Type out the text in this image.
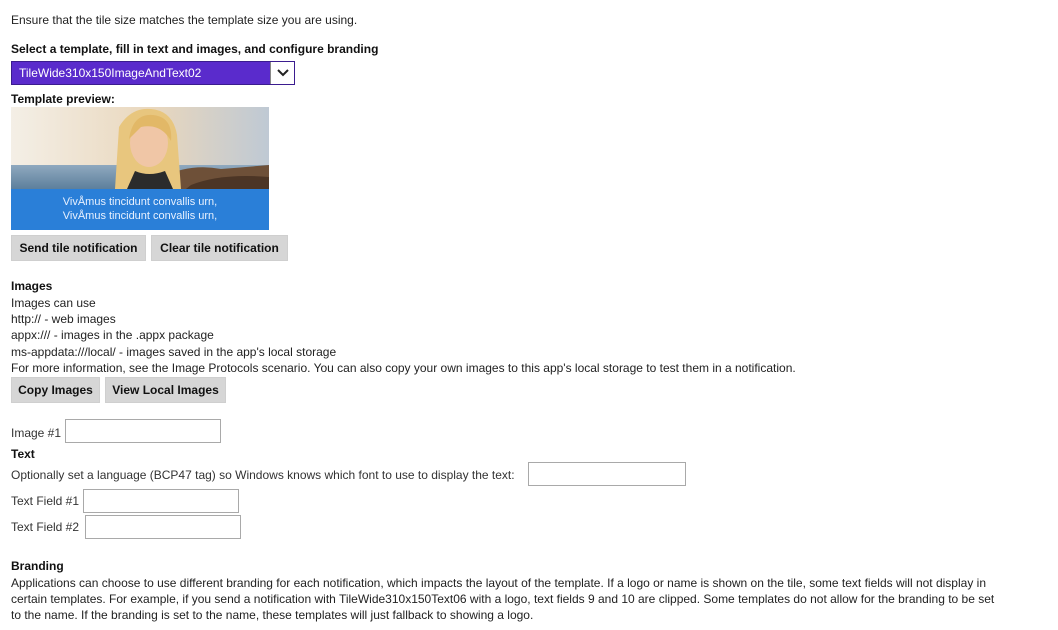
Ensure that the tile size matches the template size you are using.
Select a template, fill in text and images, and configure branding
TileWide310x150ImageAndText02
Template preview:
VivÅmus tincidunt convallis urn,
VivÅmus tincidunt convallis urn,
Send tile notification	Clear tile notification
Images
Images can use
http:// - web images
appx:/// - images in the .appx package
ms-appdata:///local/ - images saved in the app's local storage
For more information, see the Image Protocols scenario. You can also copy your own images to this app's local storage to test them in a notification.
Copy Images	View Local Images
Image #1
Text
Optionally set a language (BCP47 tag) so Windows knows which font to use to display the text:
Text Field #1
Text Field #2
Branding
Applications can choose to use different branding for each notification, which impacts the layout of the template. If a logo or name is shown on the tile, some text fields will not display in
certain templates. For example, if you send a notification with TileWide310x150Text06 with a logo, text fields 9 and 10 are clipped. Some templates do not allow for the branding to be set
to the name. If the branding is set to the name, these templates will just fallback to showing a logo.
